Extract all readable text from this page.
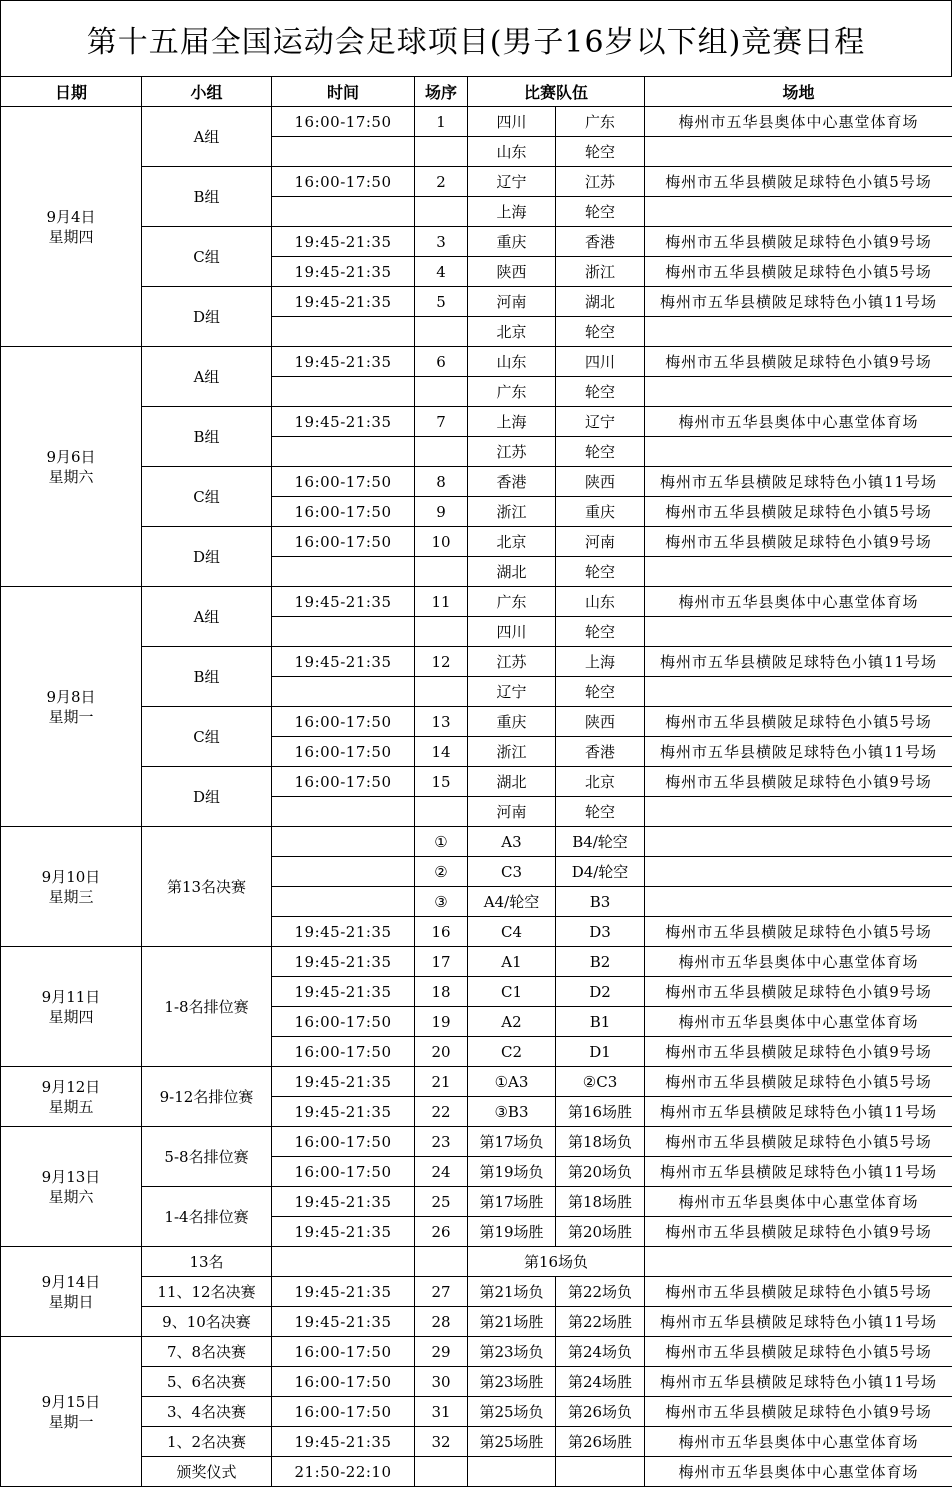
第十五届全国运动会足球项目(男子16岁以下组)竞赛日程
日期	小组	时间	场序	比赛队伍		场地

9月4日
星期四	A组	16:00-17:50	1	四川	广东	梅州市五华县奥体中心惠堂体育场
				山东	轮空	
	B组	16:00-17:50	2	辽宁	江苏	梅州市五华县横陂足球特色小镇5号场
				上海	轮空	
	C组	19:45-21:35	3	重庆	香港	梅州市五华县横陂足球特色小镇9号场
		19:45-21:35	4	陕西	浙江	梅州市五华县横陂足球特色小镇5号场
	D组	19:45-21:35	5	河南	湖北	梅州市五华县横陂足球特色小镇11号场
				北京	轮空	

9月6日
星期六	A组	19:45-21:35	6	山东	四川	梅州市五华县横陂足球特色小镇9号场
				广东	轮空	
	B组	19:45-21:35	7	上海	辽宁	梅州市五华县奥体中心惠堂体育场
				江苏	轮空	
	C组	16:00-17:50	8	香港	陕西	梅州市五华县横陂足球特色小镇11号场
		16:00-17:50	9	浙江	重庆	梅州市五华县横陂足球特色小镇5号场
	D组	16:00-17:50	10	北京	河南	梅州市五华县横陂足球特色小镇9号场
				湖北	轮空	

9月8日
星期一	A组	19:45-21:35	11	广东	山东	梅州市五华县奥体中心惠堂体育场
				四川	轮空	
	B组	19:45-21:35	12	江苏	上海	梅州市五华县横陂足球特色小镇11号场
				辽宁	轮空	
	C组	16:00-17:50	13	重庆	陕西	梅州市五华县横陂足球特色小镇5号场
		16:00-17:50	14	浙江	香港	梅州市五华县横陂足球特色小镇11号场
	D组	16:00-17:50	15	湖北	北京	梅州市五华县横陂足球特色小镇9号场
				河南	轮空	

9月10日
星期三	第13名决赛		①	A3	B4/轮空	
			②	C3	D4/轮空	
			③	A4/轮空	B3	
		19:45-21:35	16	C4	D3	梅州市五华县横陂足球特色小镇5号场

9月11日
星期四	1-8名排位赛	19:45-21:35	17	A1	B2	梅州市五华县奥体中心惠堂体育场
		19:45-21:35	18	C1	D2	梅州市五华县横陂足球特色小镇9号场
		16:00-17:50	19	A2	B1	梅州市五华县奥体中心惠堂体育场
		16:00-17:50	20	C2	D1	梅州市五华县横陂足球特色小镇9号场

9月12日
星期五	9-12名排位赛	19:45-21:35	21	①A3	②C3	梅州市五华县横陂足球特色小镇5号场
		19:45-21:35	22	③B3	第16场胜	梅州市五华县横陂足球特色小镇11号场

9月13日
星期六	5-8名排位赛	16:00-17:50	23	第17场负	第18场负	梅州市五华县横陂足球特色小镇5号场
		16:00-17:50	24	第19场负	第20场负	梅州市五华县横陂足球特色小镇11号场
	1-4名排位赛	19:45-21:35	25	第17场胜	第18场胜	梅州市五华县奥体中心惠堂体育场
		19:45-21:35	26	第19场胜	第20场胜	梅州市五华县横陂足球特色小镇9号场

9月14日
星期日	13名			第16场负		
	11、12名决赛	19:45-21:35	27	第21场负	第22场负	梅州市五华县横陂足球特色小镇5号场
	9、10名决赛	19:45-21:35	28	第21场胜	第22场胜	梅州市五华县横陂足球特色小镇11号场

9月15日
星期一	7、8名决赛	16:00-17:50	29	第23场负	第24场负	梅州市五华县横陂足球特色小镇5号场
	5、6名决赛	16:00-17:50	30	第23场胜	第24场胜	梅州市五华县横陂足球特色小镇11号场
	3、4名决赛	16:00-17:50	31	第25场负	第26场负	梅州市五华县横陂足球特色小镇9号场
	1、2名决赛	19:45-21:35	32	第25场胜	第26场胜	梅州市五华县奥体中心惠堂体育场
	颁奖仪式	21:50-22:10				梅州市五华县奥体中心惠堂体育场
